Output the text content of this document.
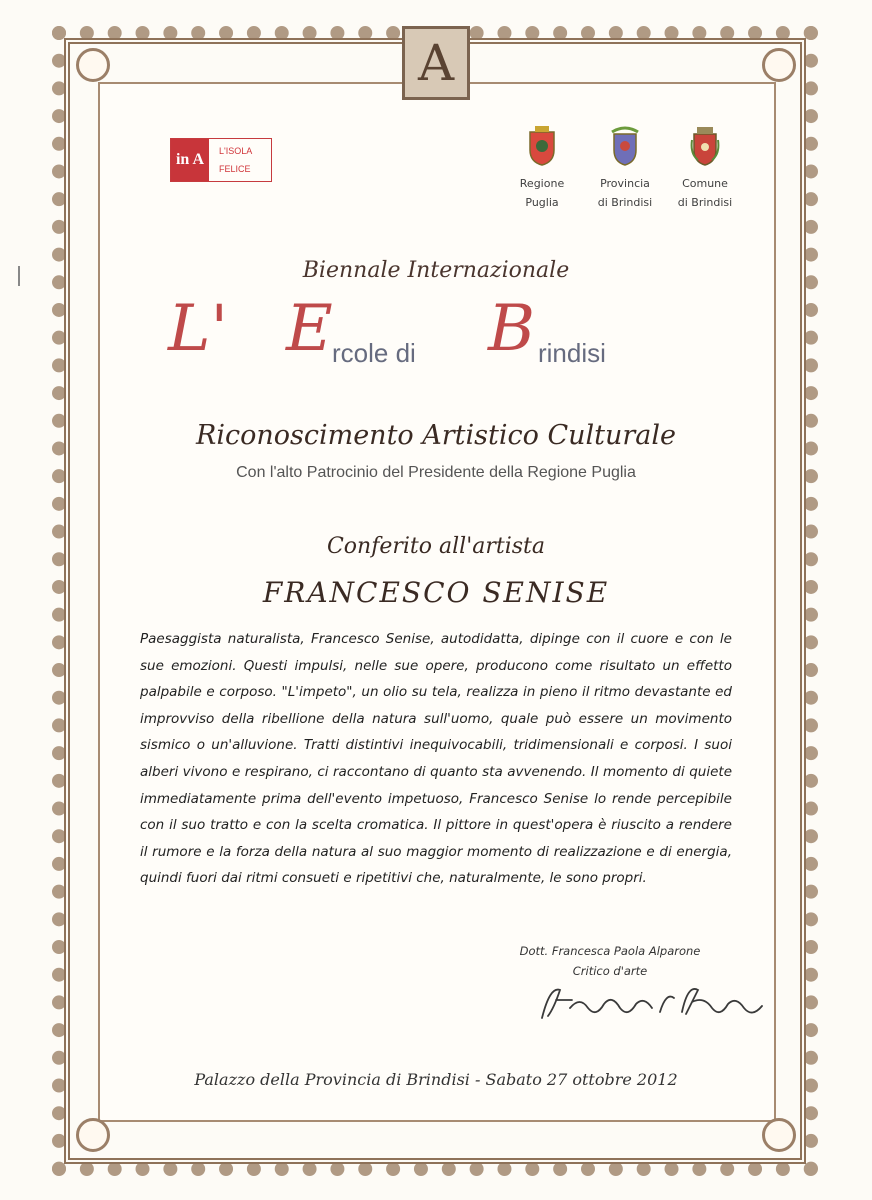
A
in A	L'ISOLA
FELICE
Regione
Puglia
Provincia
di Brindisi
Comune
di Brindisi
Biennale Internazionale
L' E rcole di B rindisi
Riconoscimento Artistico Culturale
Con l'alto Patrocinio del Presidente della Regione Puglia
Conferito all'artista
FRANCESCO SENISE
Paesaggista naturalista, Francesco Senise, autodidatta, dipinge con il cuore e con le sue emozioni. Questi impulsi, nelle sue opere, producono come risultato un effetto palpabile e corposo. "L'impeto", un olio su tela, realizza in pieno il ritmo devastante ed improvviso della ribellione della natura sull'uomo, quale può essere un movimento sismico o un'alluvione. Tratti distintivi inequivocabili, tridimensionali e corposi. I suoi alberi vivono e respirano, ci raccontano di quanto sta avvenendo. Il momento di quiete immediatamente prima dell'evento impetuoso, Francesco Senise lo rende percepibile con il suo tratto e con la scelta cromatica. Il pittore in quest'opera è riuscito a rendere il rumore e la forza della natura al suo maggior momento di realizzazione e di energia, quindi fuori dai ritmi consueti e ripetitivi che, naturalmente, le sono propri.
Dott. Francesca Paola Alparone
Critico d'arte
Palazzo della Provincia di Brindisi - Sabato 27 ottobre 2012
